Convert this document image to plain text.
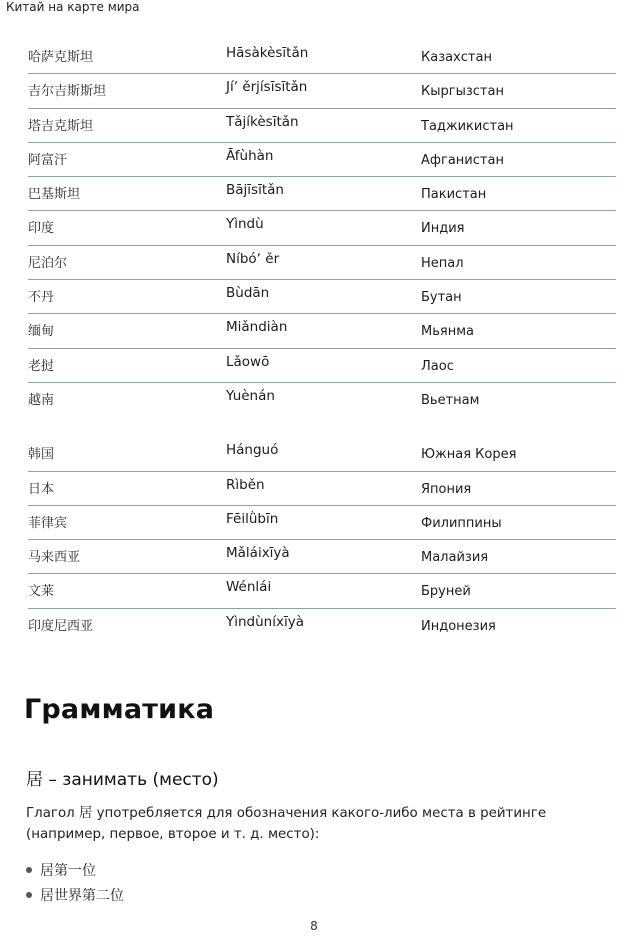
Китай на карте мира
哈萨克斯坦	Hāsàkèsītǎn	Казахстан
吉尔吉斯斯坦	Jíʼ ěrjísīsītǎn	Кыргызстан
塔吉克斯坦	Tǎjíkèsītǎn	Таджикистан
阿富汗	Āfùhàn	Афганистан
巴基斯坦	Bājīsītǎn	Пакистан
印度	Yìndù	Индия
尼泊尔	Níbóʼ ěr	Непал
不丹	Bùdān	Бутан
缅甸	Miǎndiàn	Мьянма
老挝	Lǎowō	Лаос
越南	Yuènán	Вьетнам
韩国	Hánguó	Южная Корея
日本	Rìběn	Япония
菲律宾	Fēilǜbīn	Филиппины
马来西亚	Mǎláixīyà	Малайзия
文莱	Wénlái	Бруней
印度尼西亚	Yìndùníxīyà	Индонезия
Грамматика
居 – занимать (место)
Глагол 居 употребляется для обозначения какого-либо места в рейтинге (например, первое, второе и т. д. место):
居第一位
居世界第二位
8
